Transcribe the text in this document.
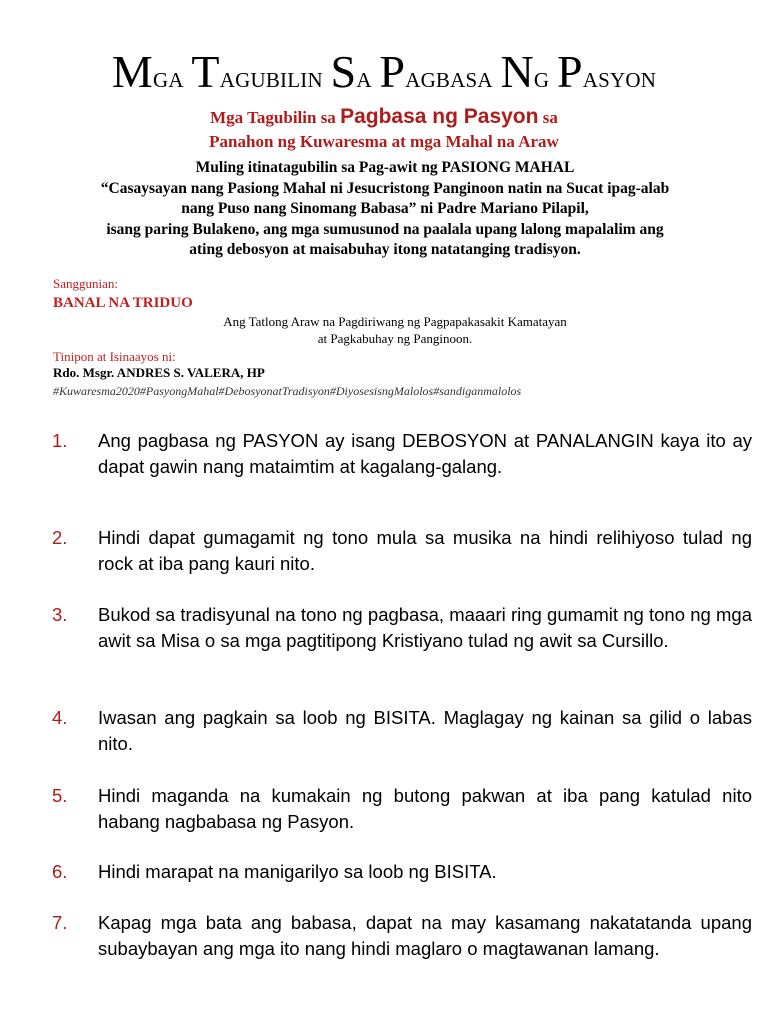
Mga Tagubilin Sa Pagbasa Ng Pasyon
Mga Tagubilin sa Pagbasa ng Pasyon sa
Panahon ng Kuwaresma at mga Mahal na Araw
Muling itinatagubilin sa Pag-awit ng PASIONG MAHAL
“Casaysayan nang Pasiong Mahal ni Jesucristong Panginoon natin na Sucat ipag-alab
nang Puso nang Sinomang Babasa” ni Padre Mariano Pilapil,
isang paring Bulakeno, ang mga sumusunod na paalala upang lalong mapalalim ang
ating debosyon at maisabuhay itong natatanging tradisyon.
Sanggunian:
BANAL NA TRIDUO
Ang Tatlong Araw na Pagdiriwang ng Pagpapakasakit Kamatayan
at Pagkabuhay ng Panginoon.
Tinipon at Isinaayos ni:
Rdo. Msgr. ANDRES S. VALERA, HP
#Kuwaresma2020#PasyongMahal#DebosyonatTradisyon#DiyosesisngMalolos#sandiganmalolos
1. Ang pagbasa ng PASYON ay isang DEBOSYON at PANALANGIN kaya ito ay dapat gawin nang mataimtim at kagalang-galang.
2. Hindi dapat gumagamit ng tono mula sa musika na hindi relihiyoso tulad ng rock at iba pang kauri nito.
3. Bukod sa tradisyunal na tono ng pagbasa, maaari ring gumamit ng tono ng mga awit sa Misa o sa mga pagtitipong Kristiyano tulad ng awit sa Cursillo.
4. Iwasan ang pagkain sa loob ng BISITA. Maglagay ng kainan sa gilid o labas nito.
5. Hindi maganda na kumakain ng butong pakwan at iba pang katulad nito habang nagbabasa ng Pasyon.
6. Hindi marapat na manigarilyo sa loob ng BISITA.
7. Kapag mga bata ang babasa, dapat na may kasamang nakatatanda upang subaybayan ang mga ito nang hindi maglaro o magtawanan lamang.
